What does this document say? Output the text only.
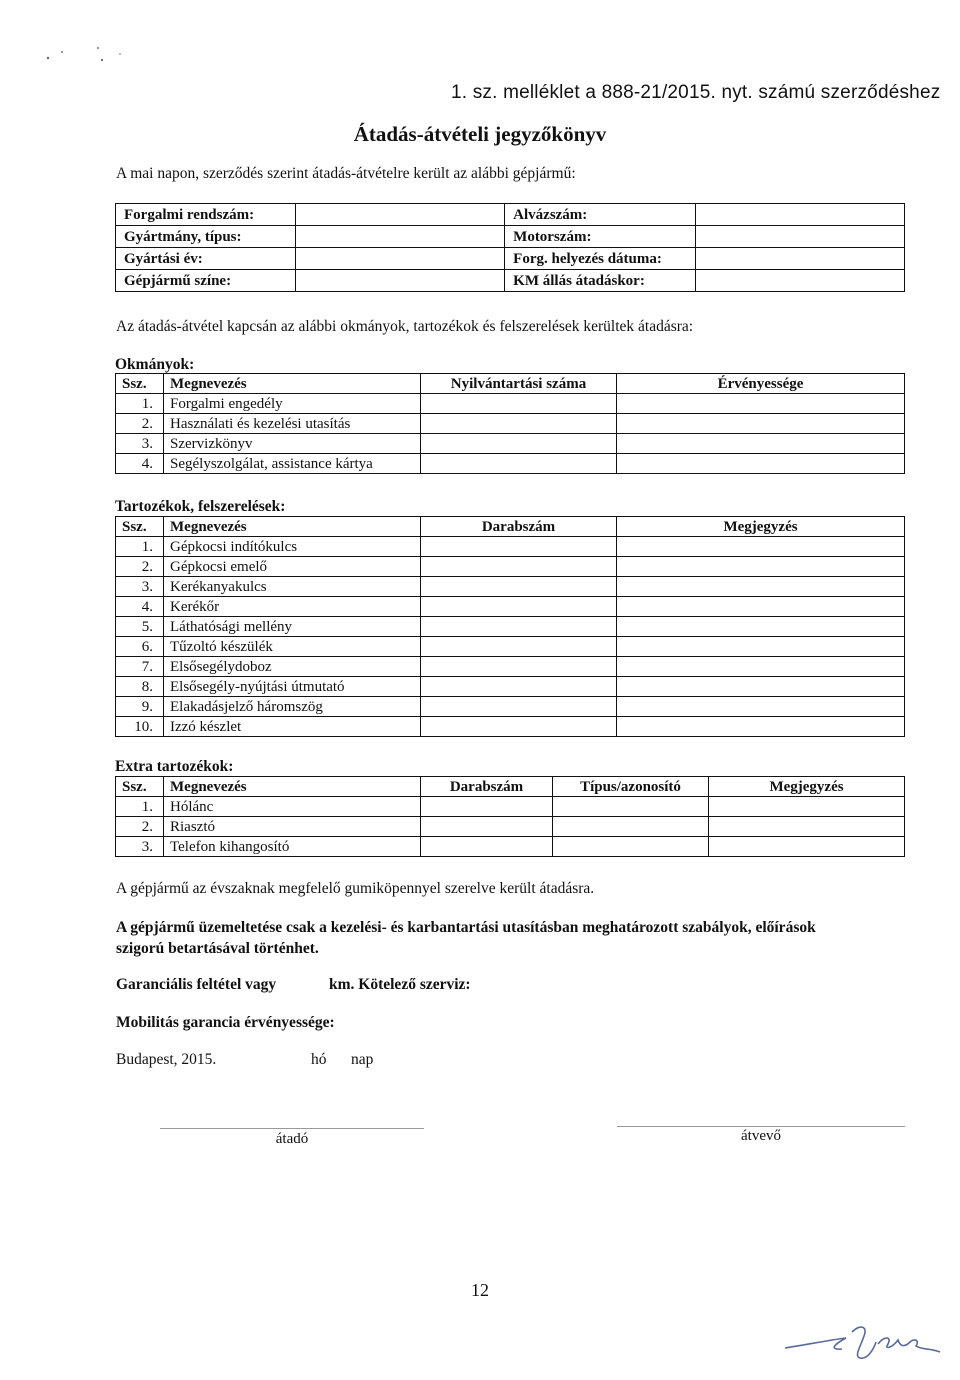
1. sz. melléklet a 888-21/2015. nyt. számú szerződéshez
Átadás-átvételi jegyzőkönyv
A mai napon, szerződés szerint átadás-átvételre került az alábbi gépjármű:
Forgalmi rendszám:		Alvázszám:	
Gyártmány, típus:		Motorszám:	
Gyártási év:		Forg. helyezés dátuma:	
Gépjármű színe:		KM állás átadáskor:	
Az átadás-átvétel kapcsán az alábbi okmányok, tartozékok és felszerelések kerültek átadásra:
Okmányok:
Ssz.	Megnevezés	Nyilvántartási száma	Érvényessége
1.	Forgalmi engedély		
2.	Használati és kezelési utasítás		
3.	Szervizkönyv		
4.	Segélyszolgálat, assistance kártya		
Tartozékok, felszerelések:
Ssz.	Megnevezés	Darabszám	Megjegyzés
1.	Gépkocsi indítókulcs		
2.	Gépkocsi emelő		
3.	Kerékanyakulcs		
4.	Kerékőr		
5.	Láthatósági mellény		
6.	Tűzoltó készülék		
7.	Elsősegélydoboz		
8.	Elsősegély-nyújtási útmutató		
9.	Elakadásjelző háromszög		
10.	Izzó készlet		
Extra tartozékok:
Ssz.	Megnevezés	Darabszám	Típus/azonosító	Megjegyzés
1.	Hólánc			
2.	Riasztó			
3.	Telefon kihangosító			
A gépjármű az évszaknak megfelelő gumiköpennyel szerelve került átadásra.
A gépjármű üzemeltetése csak a kezelési- és karbantartási utasításban meghatározott szabályok, előírások szigorú betartásával történhet.
Garanciális feltétel vagy	km. Kötelező szerviz:
Mobilitás garancia érvényessége:
Budapest, 2015.	hó nap
átadó	átvevő
12
